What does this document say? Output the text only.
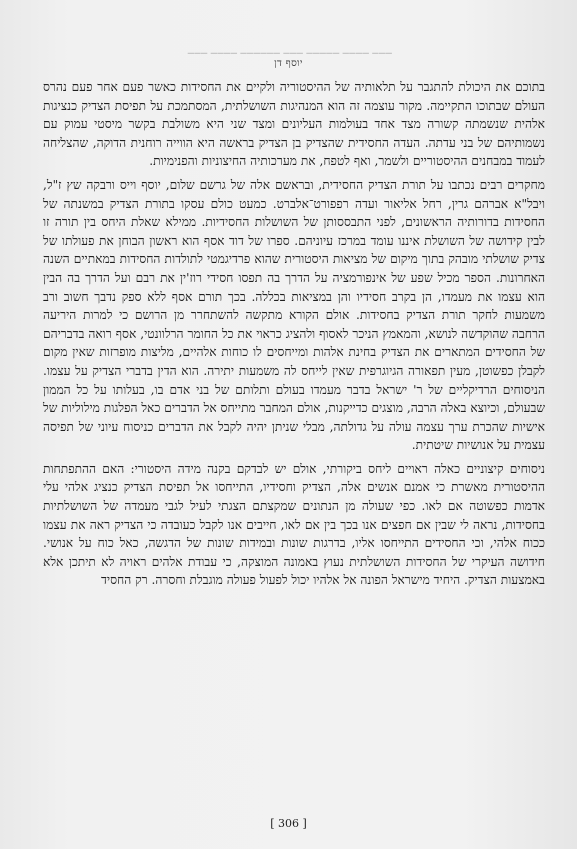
▁▁▁ ▁▁▁▁ ▁▁▁▁▁ ▁▁▁ ▁▁▁▁▁▁ ▁▁▁▁ ▁▁▁
יוסף דן

בתוכם את היכולת להתגבר על תלאותיה של ההיסטוריה ולקיים את החסידות כאשר פעם אחר פעם נהרס העולם שבתוכו התקיימה. מקור עוצמה זה הוא המנהיגות השושלתית, המסתמכת על תפיסת הצדיק כנציגות אלהית שנשמתה קשורה מצד אחד בעולמות העליונים ומצד שני היא משולבת בקשר מיסטי עמוק עם נשמותיהם של בני עדתה. העדה החסידית שהצדיק בן הצדיק בראשה היא הווייה רוחנית הדוקה, שהצליחה לעמוד במבחנים ההיסטוריים ולשמר, ואף לטפח, את מערכותיה החיצוניות והפנימיות.

מחקרים רבים נכתבו על תורת הצדיק החסידית, ובראשם אלה של גרשם שלום, יוסף וייס ורבקה שץ ז"ל, ויבל"א אברהם גרין, רחל אליאור ועדה רפפורט־אלברט. כמעט כולם עסקו בתורת הצדיק במשנתה של החסידות בדורותיה הראשונים, לפני התבססותן של השושלות החסידיות. ממילא שאלת היחס בין תורה זו לבין קידושה של השושלת איננו עומד במרכז עיוניהם. ספרו של דוד אסף הוא ראשון הבוחן את פעולתו של צדיק שושלתי מובהק בתוך מיקום של מציאות היסטורית שהוא פרדיגמטי לתולדות החסידות במאתיים השנה האחרונות. הספר מכיל שפע של אינפורמציה על הדרך בה תפסו חסידי רוז'ין את רבם ועל הדרך בה הבין הוא עצמו את מעמדו, הן בקרב חסידיו והן במציאות בכללה. בכך תורם אסף ללא ספק נדבך חשוב ורב משמעות לחקר תורת הצדיק בחסידות. אולם הקורא מתקשה להשתחרר מן הרושם כי למרות היריעה הרחבה שהוקדשה לנושא, והמאמץ הניכר לאסוף ולהציג כראוי את כל החומר הרלוונטי, אסף רואה בדבריהם של החסידים המתארים את הצדיק בחינת אלהות ומייחסים לו כוחות אלהיים, מליצות מופרזות שאין מקום לקבלן כפשוטן, מעין תפאורה הגיוגרפית שאין לייחס לה משמעות יתירה. הוא הדין בדברי הצדיק על עצמו. הניסוחים הרדיקליים של ר' ישראל בדבר מעמדו בעולם ותלותם של בני אדם בו, בעלותו על כל הממון שבעולם, וכיוצא באלה הרבה, מוצגים כדייקנות, אולם המחבר מתייחס אל הדברים כאל הפלגות מילוליות של אישיות שהכרת ערך עצמה עולה על גדולתה, מבלי שניתן יהיה לקבל את הדברים כניסוח עיוני של תפיסה עצמית על אנושיות שיטתית.

ניסוחים קיצוניים כאלה ראויים ליחס ביקורתי, אולם יש לבדקם בקנה מידה היסטורי: האם ההתפתחות ההיסטורית מאשרת כי אמנם אנשים אלה, הצדיק וחסידיו, התייחסו אל תפיסת הצדיק כנציג אלהי עלי אדמות כפשוטה אם לאו. כפי שעולה מן הנתונים שמקצתם הצגתי לעיל לגבי מעמדה של השושלתיות בחסידות, נראה לי שבין אם חפצים אנו בכך בין אם לאו, חייבים אנו לקבל כעובדה כי הצדיק ראה את עצמו ככוח אלהי, וכי החסידים התייחסו אליו, בדרגות שונות ובמידות שונות של הדגשה, כאל כוח על אנושי. חידושה העיקרי של החסידות השושלתית נעוץ באמונה המוצקה, כי עבודת אלהים ראויה לא תיתכן אלא באמצעות הצדיק. היחיד מישראל הפונה אל אלהיו יכול לפעול פעולה מוגבלת וחסרה. רק החסיד

[ 306 ]
